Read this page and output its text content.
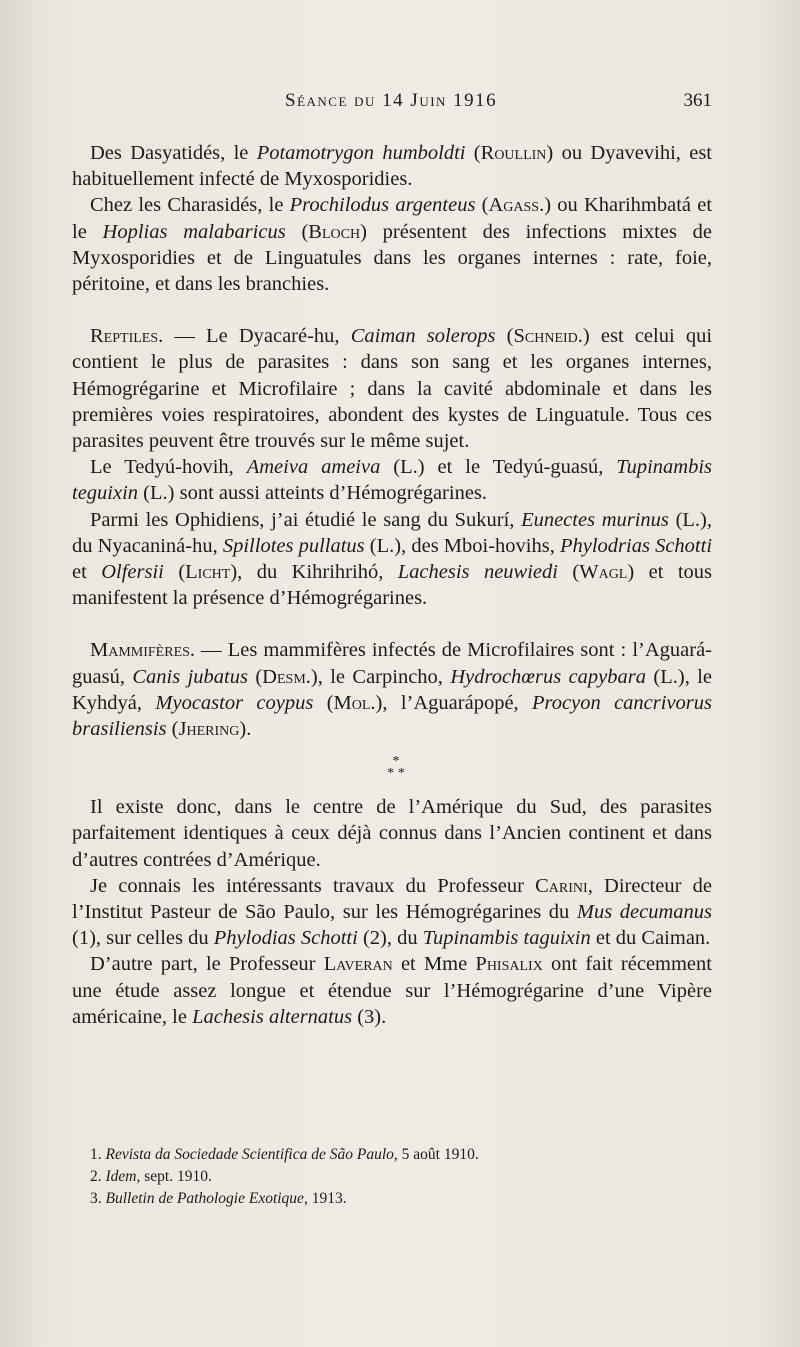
Séance du 14 Juin 1916	361

Des Dasyatidés, le Potamotrygon humboldti (Roullin) ou Dyavevihi, est habituellement infecté de Myxosporidies.

Chez les Charasidés, le Prochilodus argenteus (Agass.) ou Kharihmbatá et le Hoplias malabaricus (Bloch) présentent des infections mixtes de Myxosporidies et de Linguatules dans les organes internes : rate, foie, péritoine, et dans les branchies.

Reptiles. — Le Dyacaré-hu, Caiman solerops (Schneid.) est celui qui contient le plus de parasites : dans son sang et les organes internes, Hémogrégarine et Microfilaire ; dans la cavité abdominale et dans les premières voies respiratoires, abondent des kystes de Linguatule. Tous ces parasites peuvent être trouvés sur le même sujet.

Le Tedyú-hovih, Ameiva ameiva (L.) et le Tedyú-guasú, Tupinambis teguixin (L.) sont aussi atteints d’Hémogrégarines.

Parmi les Ophidiens, j’ai étudié le sang du Sukurí, Eunectes murinus (L.), du Nyacaniná-hu, Spillotes pullatus (L.), des Mboi-hovihs, Phylodrias Schotti et Olfersii (Licht), du Kihrihrihó, Lachesis neuwiedi (Wagl) et tous manifestent la présence d’Hémogrégarines.

Mammifères. — Les mammifères infectés de Microfilaires sont : l’Aguará-guasú, Canis jubatus (Desm.), le Carpincho, Hydrochœrus capybara (L.), le Kyhdyá, Myocastor coypus (Mol.), l’Aguarápopé, Procyon cancrivorus brasiliensis (Jhering).

*
* *

Il existe donc, dans le centre de l’Amérique du Sud, des parasites parfaitement identiques à ceux déjà connus dans l’Ancien continent et dans d’autres contrées d’Amérique.

Je connais les intéressants travaux du Professeur Carini, Directeur de l’Institut Pasteur de São Paulo, sur les Hémogrégarines du Mus decumanus (1), sur celles du Phylodias Schotti (2), du Tupinambis taguixin et du Caiman.

D’autre part, le Professeur Laveran et Mme Phisalix ont fait récemment une étude assez longue et étendue sur l’Hémogrégarine d’une Vipère américaine, le Lachesis alternatus (3).

1. Revista da Sociedade Scientifica de São Paulo, 5 août 1910.
2. Idem, sept. 1910.
3. Bulletin de Pathologie Exotique, 1913.
